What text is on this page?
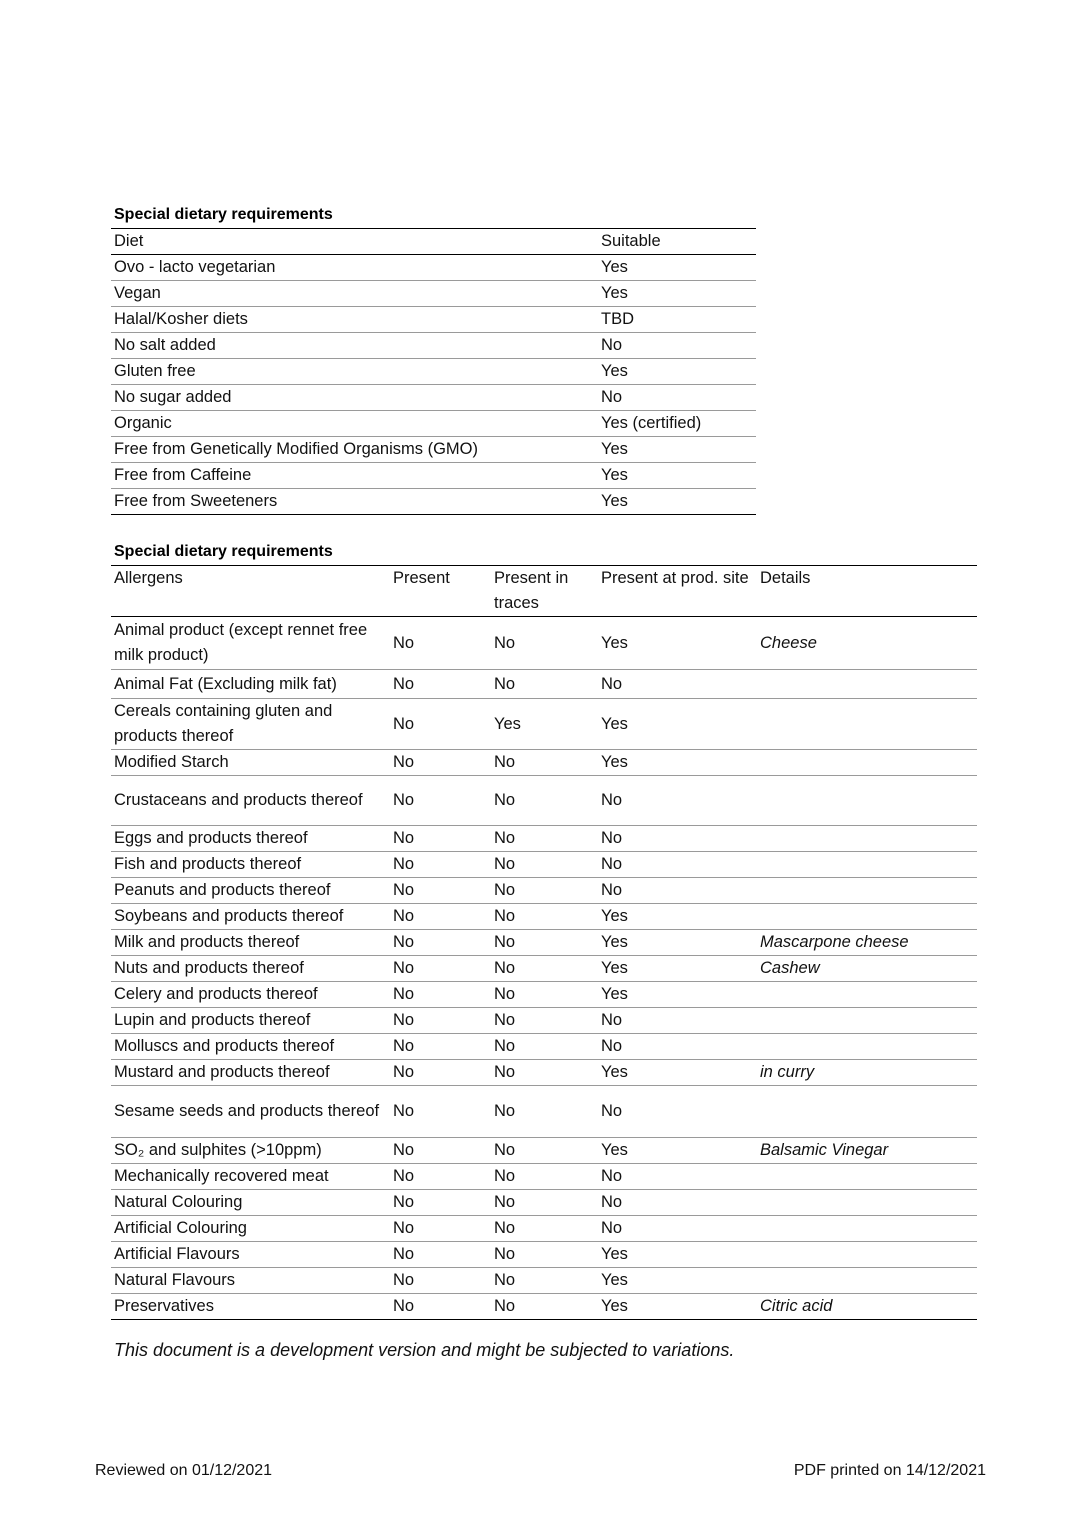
Special dietary requirements
Diet	Suitable
Ovo - lacto vegetarian	Yes
Vegan	Yes
Halal/Kosher diets	TBD
No salt added	No
Gluten free	Yes
No sugar added	No
Organic	Yes (certified)
Free from Genetically Modified Organisms (GMO)	Yes
Free from Caffeine	Yes
Free from Sweeteners	Yes
Special dietary requirements
Allergens	Present	Present in traces	Present at prod. site	Details
Animal product (except rennet free milk product)	No	No	Yes	Cheese
Animal Fat (Excluding milk fat)	No	No	No	
Cereals containing gluten and products thereof	No	Yes	Yes	
Modified Starch	No	No	Yes	
Crustaceans and products thereof	No	No	No	
Eggs and products thereof	No	No	No	
Fish and products thereof	No	No	No	
Peanuts and products thereof	No	No	No	
Soybeans and products thereof	No	No	Yes	
Milk and products thereof	No	No	Yes	Mascarpone cheese
Nuts and products thereof	No	No	Yes	Cashew
Celery and products thereof	No	No	Yes	
Lupin and products thereof	No	No	No	
Molluscs and products thereof	No	No	No	
Mustard and products thereof	No	No	Yes	in curry
Sesame seeds and products thereof	No	No	No	
SO₂ and sulphites (>10ppm)	No	No	Yes	Balsamic Vinegar
Mechanically recovered meat	No	No	No	
Natural Colouring	No	No	No	
Artificial Colouring	No	No	No	
Artificial Flavours	No	No	Yes	
Natural Flavours	No	No	Yes	
Preservatives	No	No	Yes	Citric acid
This document is a development version and might be subjected to variations.
Reviewed on 01/12/2021	PDF printed on 14/12/2021
